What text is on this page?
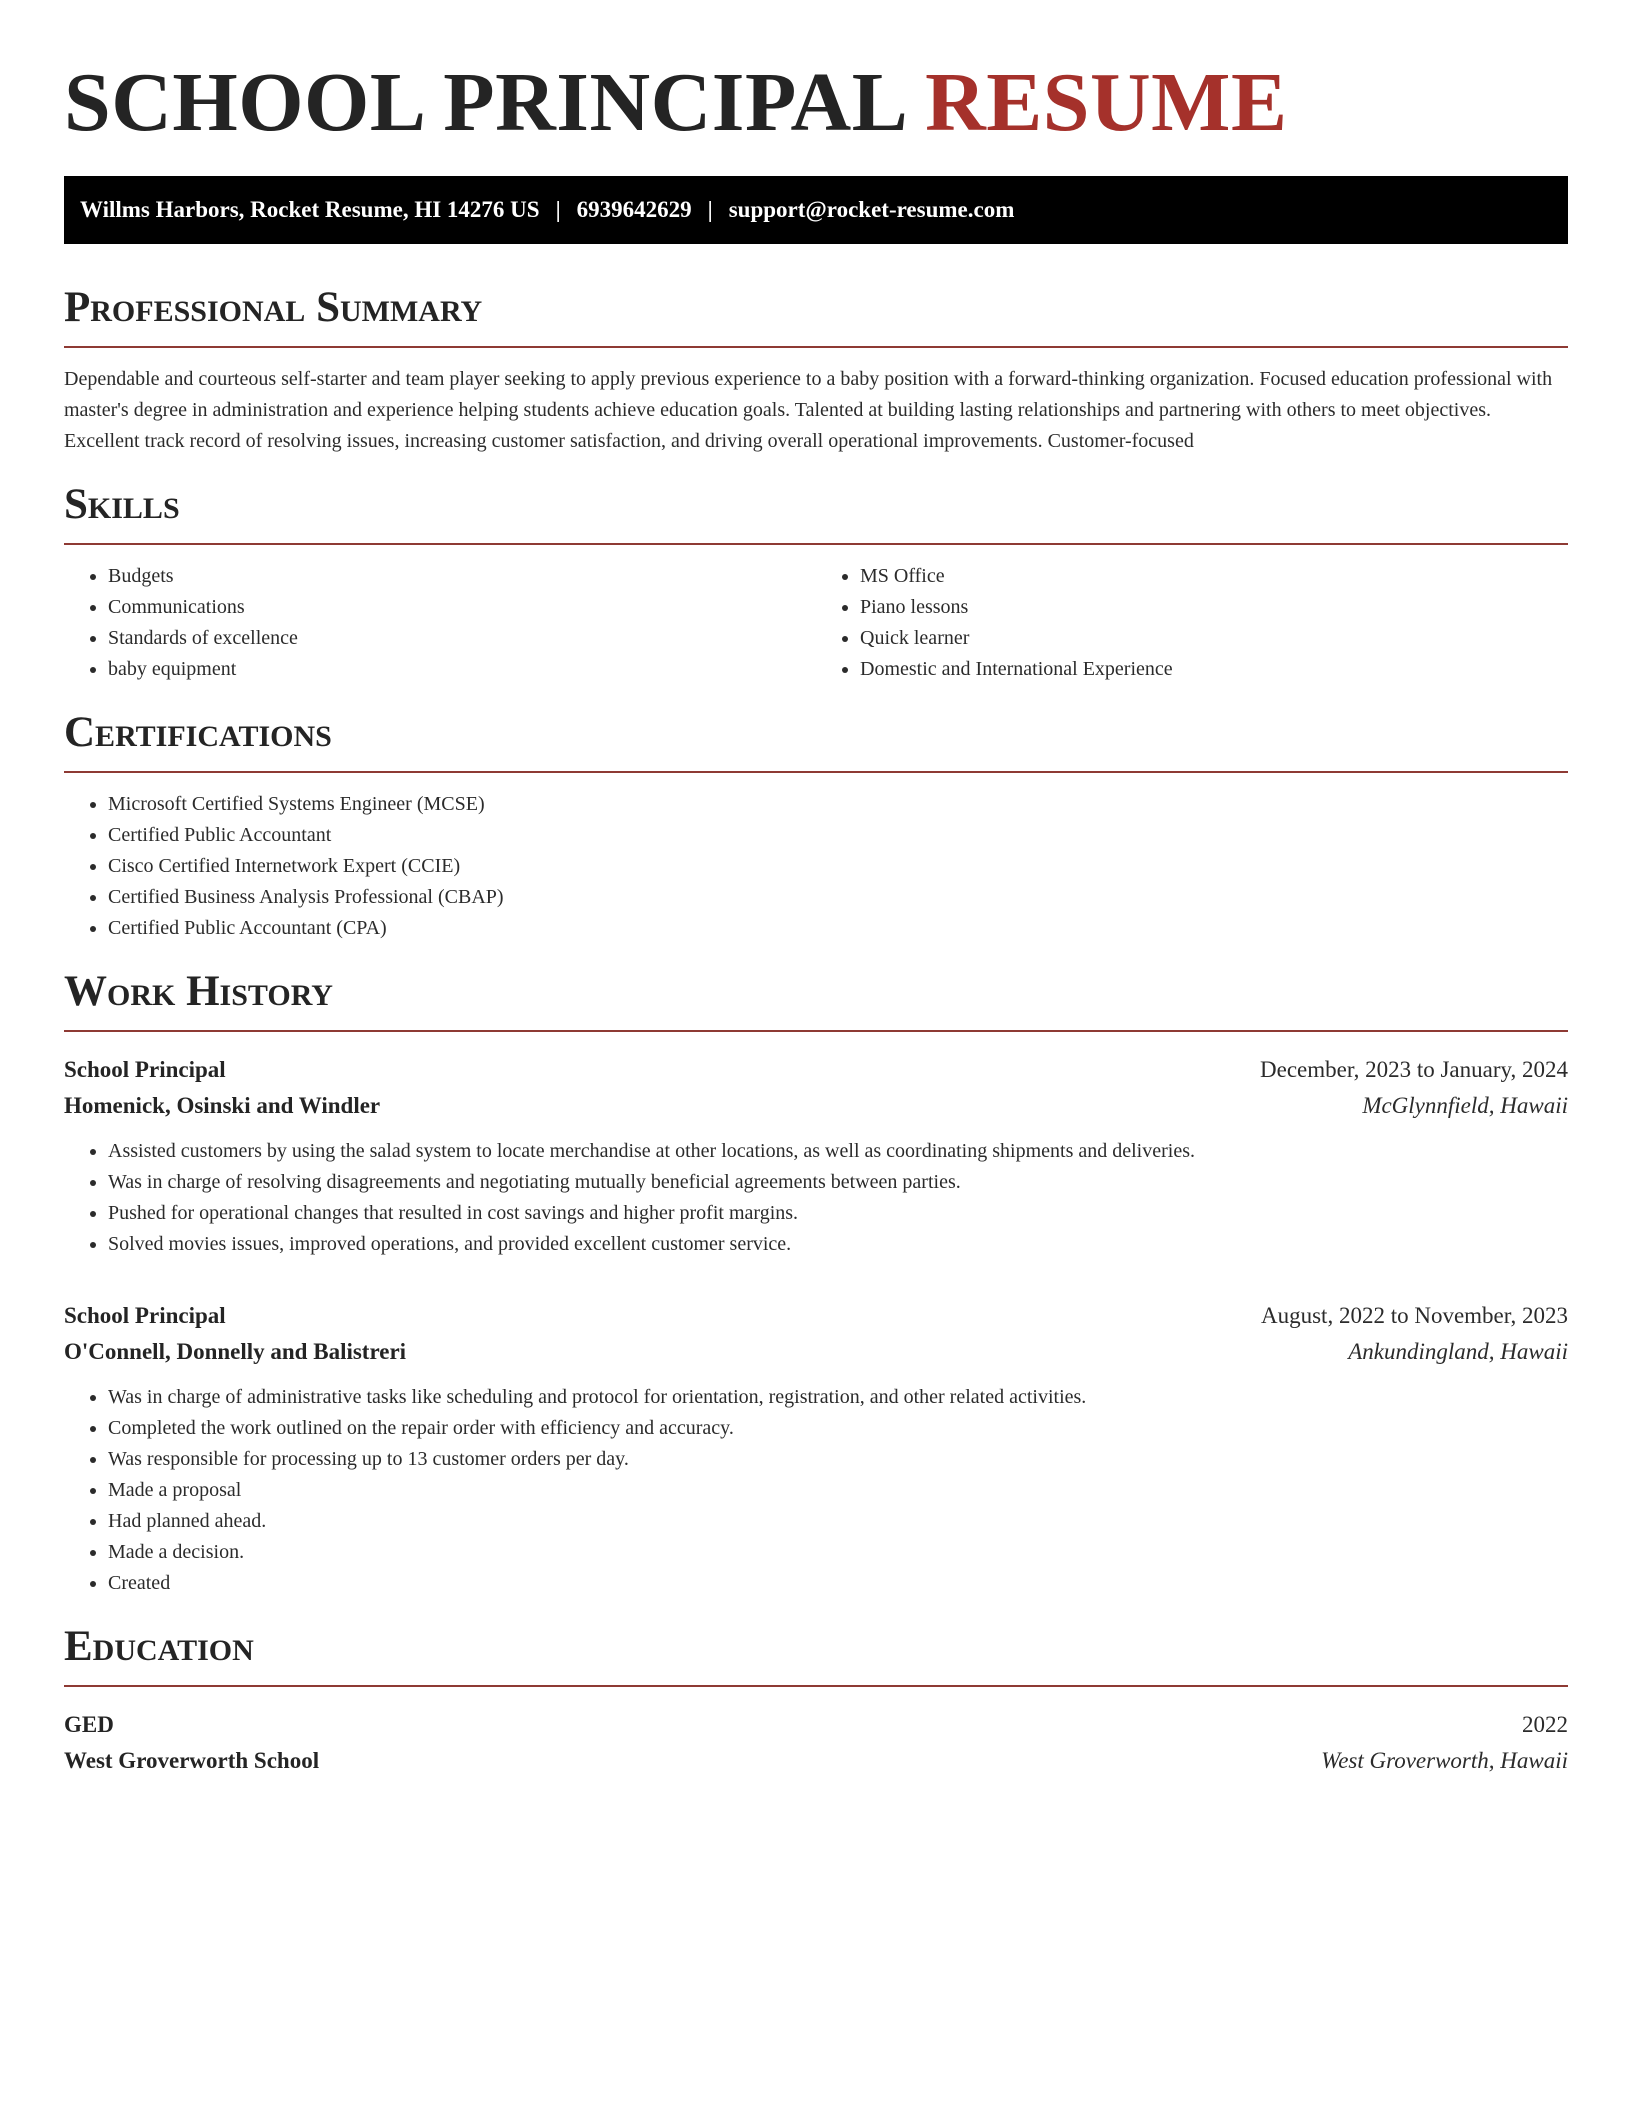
SCHOOL PRINCIPAL RESUME
Willms Harbors, Rocket Resume, HI 14276 US | 6939642629 | support@rocket-resume.com
Professional Summary

Dependable and courteous self-starter and team player seeking to apply previous experience to a baby position with a forward-thinking organization. Focused education professional with master's degree in administration and experience helping students achieve education goals. Talented at building lasting relationships and partnering with others to meet objectives. Excellent track record of resolving issues, increasing customer satisfaction, and driving overall operational improvements. Customer-focused

Skills
• Budgets
• Communications
• Standards of excellence
• baby equipment
• MS Office
• Piano lessons
• Quick learner
• Domestic and International Experience
Certifications
• Microsoft Certified Systems Engineer (MCSE)
• Certified Public Accountant
• Cisco Certified Internetwork Expert (CCIE)
• Certified Business Analysis Professional (CBAP)
• Certified Public Accountant (CPA)
Work History
School Principal	December, 2023 to January, 2024
Homenick, Osinski and Windler	McGlynnfield, Hawaii
• Assisted customers by using the salad system to locate merchandise at other locations, as well as coordinating shipments and deliveries.
• Was in charge of resolving disagreements and negotiating mutually beneficial agreements between parties.
• Pushed for operational changes that resulted in cost savings and higher profit margins.
• Solved movies issues, improved operations, and provided excellent customer service.
School Principal	August, 2022 to November, 2023
O'Connell, Donnelly and Balistreri	Ankundingland, Hawaii
• Was in charge of administrative tasks like scheduling and protocol for orientation, registration, and other related activities.
• Completed the work outlined on the repair order with efficiency and accuracy.
• Was responsible for processing up to 13 customer orders per day.
• Made a proposal
• Had planned ahead.
• Made a decision.
• Created
Education
GED	2022
West Groverworth School	West Groverworth, Hawaii
